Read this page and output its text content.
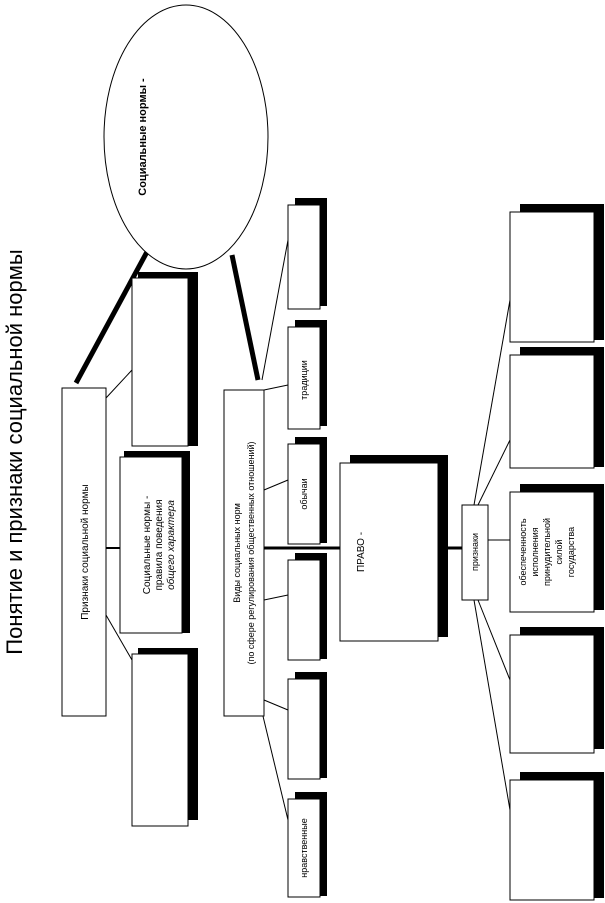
Социальные нормы -
Понятие и признаки социальной нормы	Признаки социальной нормы	Социальные нормы - правила поведения общего характера	Виды социальных норм (по сфере регулирования общественных отношений)
традиции
обычаи
нравственные
ПРАВО -	признаки	обеспеченность исполнения принудительной силой государства
